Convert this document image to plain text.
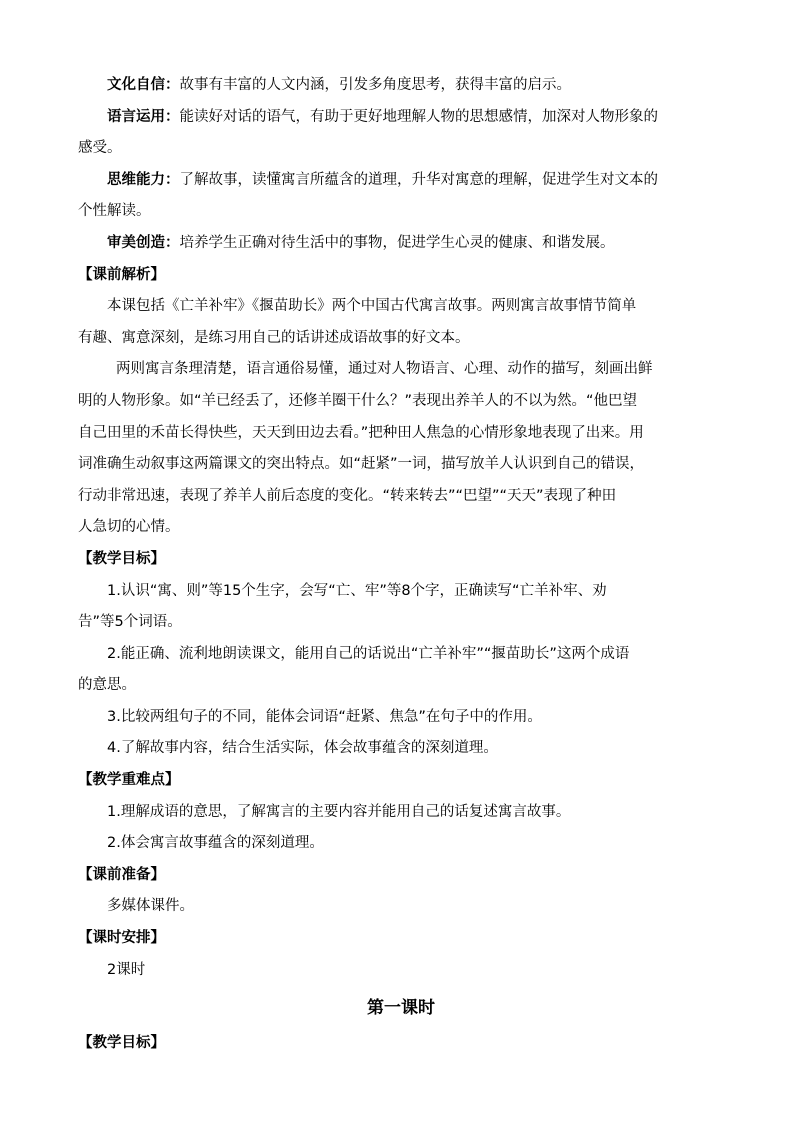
文化自信：故事有丰富的人文内涵，引发多角度思考，获得丰富的启示。

语言运用：能读好对话的语气，有助于更好地理解人物的思想感情，加深对人物形象的

感受。

思维能力：了解故事，读懂寓言所蕴含的道理，升华对寓意的理解，促进学生对文本的

个性解读。

审美创造：培养学生正确对待生活中的事物，促进学生心灵的健康、和谐发展。

【课前解析】

本课包括《亡羊补牢》《揠苗助长》两个中国古代寓言故事。两则寓言故事情节简单

有趣、寓意深刻，是练习用自己的话讲述成语故事的好文本。

两则寓言条理清楚，语言通俗易懂，通过对人物语言、心理、动作的描写，刻画出鲜

明的人物形象。如“羊已经丢了，还修羊圈干什么？”表现出养羊人的不以为然。“他巴望

自己田里的禾苗长得快些，天天到田边去看。”把种田人焦急的心情形象地表现了出来。用

词准确生动叙事这两篇课文的突出特点。如“赶紧”一词，描写放羊人认识到自己的错误，

行动非常迅速，表现了养羊人前后态度的变化。“转来转去”“巴望”“天天”表现了种田

人急切的心情。

【教学目标】

1.认识“寓、则”等15个生字，会写“亡、牢”等8个字，正确读写“亡羊补牢、劝

告”等5个词语。

2.能正确、流利地朗读课文，能用自己的话说出“亡羊补牢”“揠苗助长”这两个成语

的意思。

3.比较两组句子的不同，能体会词语“赶紧、焦急”在句子中的作用。

4.了解故事内容，结合生活实际，体会故事蕴含的深刻道理。

【教学重难点】

1.理解成语的意思，了解寓言的主要内容并能用自己的话复述寓言故事。

2.体会寓言故事蕴含的深刻道理。

【课前准备】

多媒体课件。

【课时安排】

2课时

第一课时

【教学目标】
